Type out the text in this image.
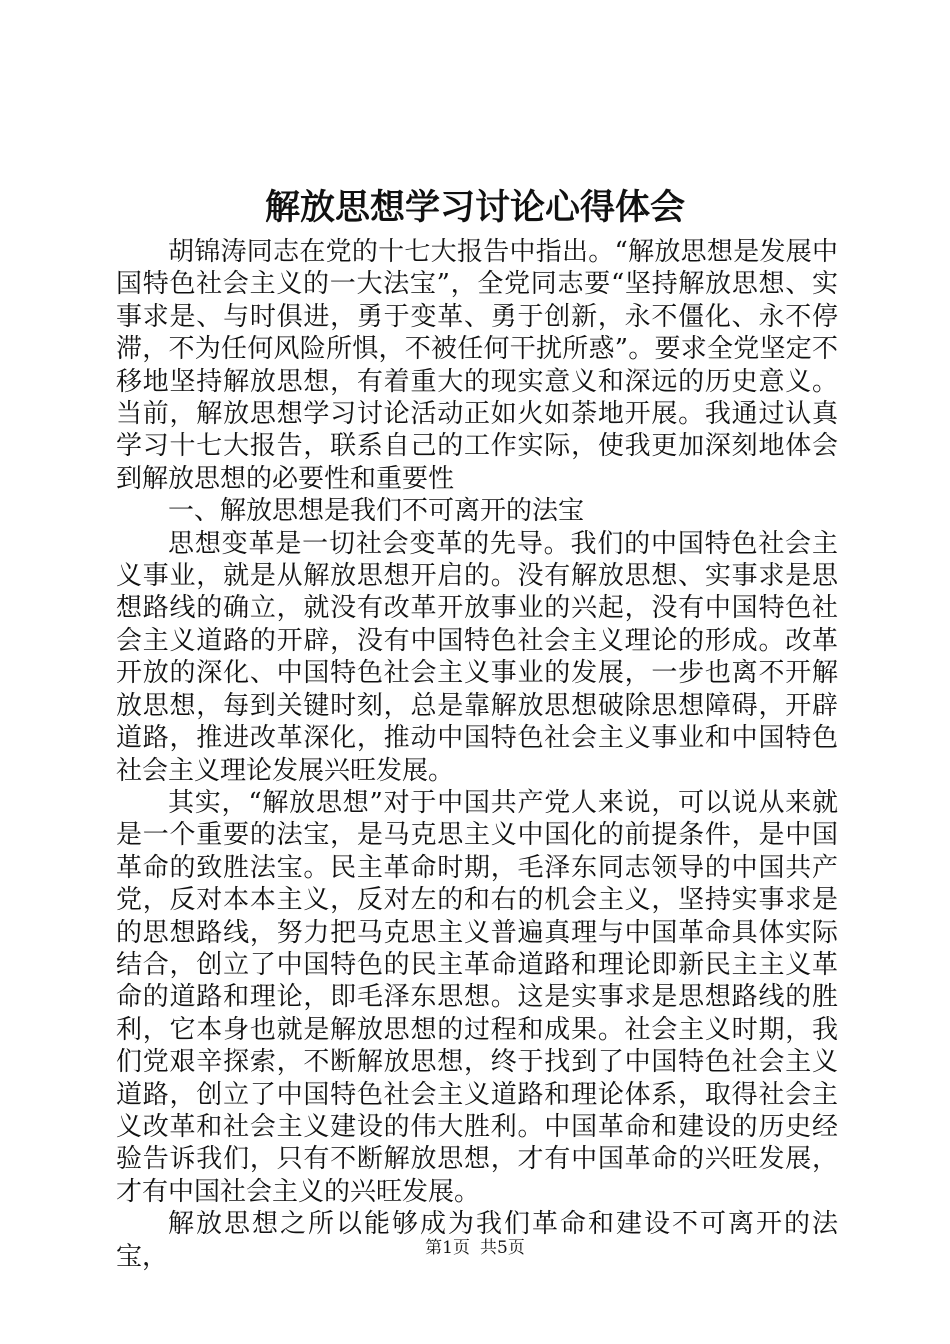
解放思想学习讨论心得体会

胡锦涛同志在党的十七大报告中指出。“解放思想是发展中国特色社会主义的一大法宝”，全党同志要“坚持解放思想、实事求是、与时俱进，勇于变革、勇于创新，永不僵化、永不停滞，不为任何风险所惧，不被任何干扰所惑”。要求全党坚定不移地坚持解放思想，有着重大的现实意义和深远的历史意义。当前，解放思想学习讨论活动正如火如荼地开展。我通过认真学习十七大报告，联系自己的工作实际，使我更加深刻地体会到解放思想的必要性和重要性

一、解放思想是我们不可离开的法宝

思想变革是一切社会变革的先导。我们的中国特色社会主义事业，就是从解放思想开启的。没有解放思想、实事求是思想路线的确立，就没有改革开放事业的兴起，没有中国特色社会主义道路的开辟，没有中国特色社会主义理论的形成。改革开放的深化、中国特色社会主义事业的发展，一步也离不开解放思想，每到关键时刻，总是靠解放思想破除思想障碍，开辟道路，推进改革深化，推动中国特色社会主义事业和中国特色社会主义理论发展兴旺发展。

其实，“解放思想”对于中国共产党人来说，可以说从来就是一个重要的法宝，是马克思主义中国化的前提条件，是中国革命的致胜法宝。民主革命时期，毛泽东同志领导的中国共产党，反对本本主义，反对左的和右的机会主义，坚持实事求是的思想路线，努力把马克思主义普遍真理与中国革命具体实际结合，创立了中国特色的民主革命道路和理论即新民主主义革命的道路和理论，即毛泽东思想。这是实事求是思想路线的胜利，它本身也就是解放思想的过程和成果。社会主义时期，我们党艰辛探索，不断解放思想，终于找到了中国特色社会主义道路，创立了中国特色社会主义道路和理论体系，取得社会主义改革和社会主义建设的伟大胜利。中国革命和建设的历史经验告诉我们，只有不断解放思想，才有中国革命的兴旺发展，才有中国社会主义的兴旺发展。

解放思想之所以能够成为我们革命和建设不可离开的法宝，	第1页 共5页
